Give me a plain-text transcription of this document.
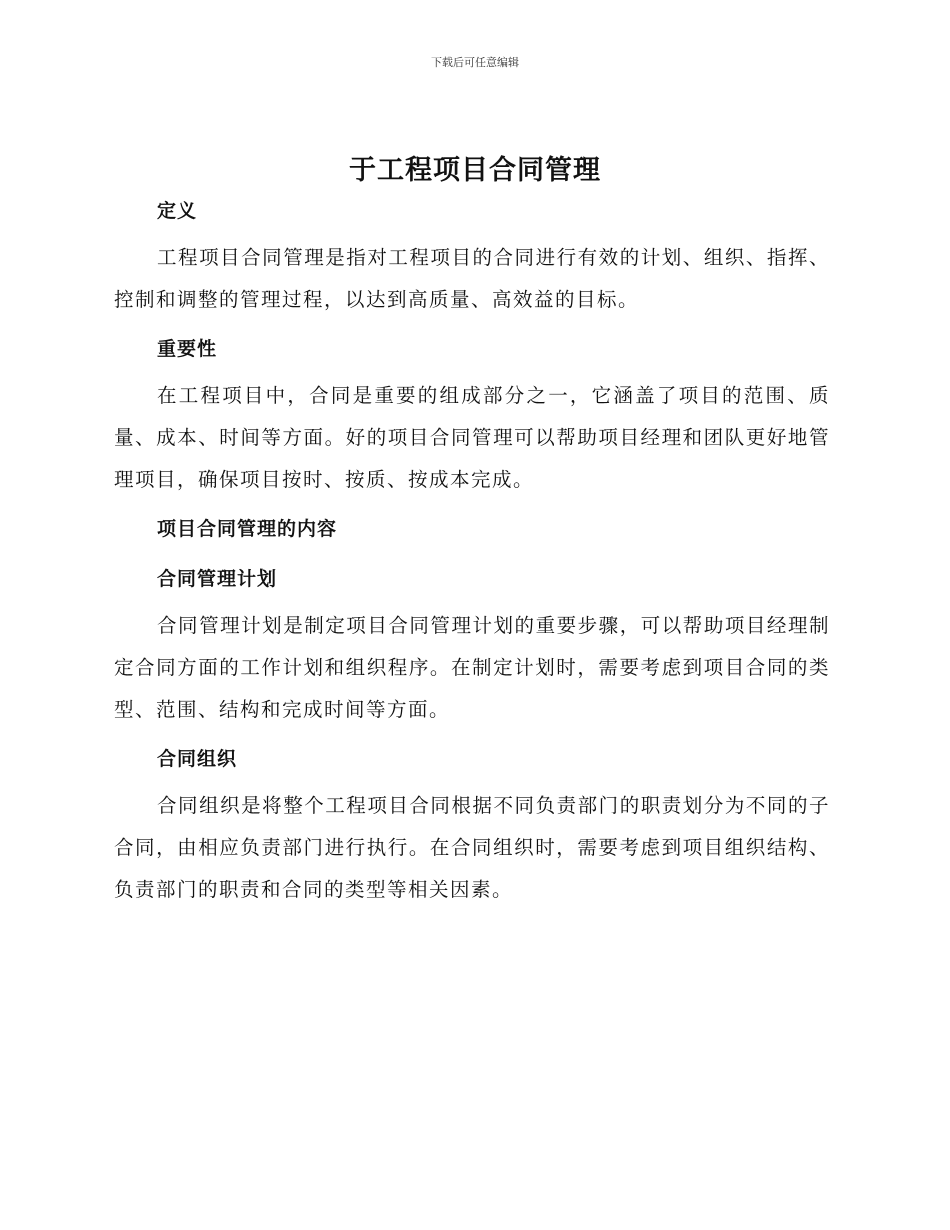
下载后可任意编辑
于工程项目合同管理
定义

工程项目合同管理是指对工程项目的合同进行有效的计划、组织、指挥、控制和调整的管理过程，以达到高质量、高效益的目标。

重要性

在工程项目中，合同是重要的组成部分之一，它涵盖了项目的范围、质量、成本、时间等方面。好的项目合同管理可以帮助项目经理和团队更好地管理项目，确保项目按时、按质、按成本完成。

项目合同管理的内容
合同管理计划

合同管理计划是制定项目合同管理计划的重要步骤，可以帮助项目经理制定合同方面的工作计划和组织程序。在制定计划时，需要考虑到项目合同的类型、范围、结构和完成时间等方面。

合同组织

合同组织是将整个工程项目合同根据不同负责部门的职责划分为不同的子合同，由相应负责部门进行执行。在合同组织时，需要考虑到项目组织结构、负责部门的职责和合同的类型等相关因素。
